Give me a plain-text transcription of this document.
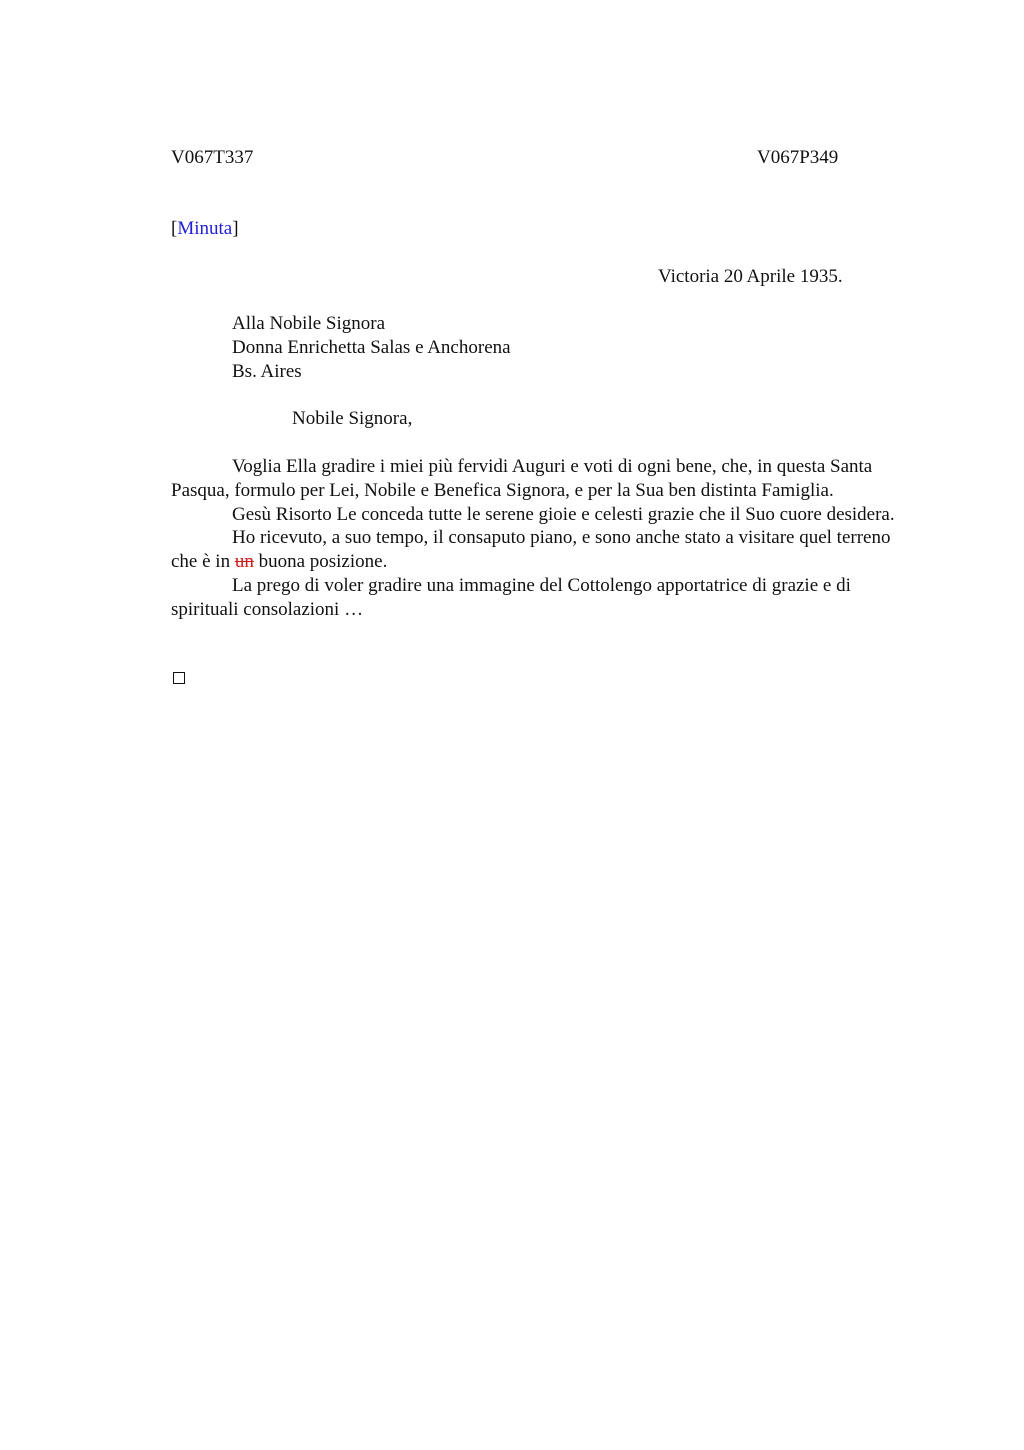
V067T337	V067P349
[Minuta]
Victoria 20 Aprile 1935.
Alla Nobile Signora
Donna Enrichetta Salas e Anchorena
Bs. Aires
Nobile Signora,

Voglia Ella gradire i miei più fervidi Auguri e voti di ogni bene, che, in questa Santa Pasqua, formulo per Lei, Nobile e Benefica Signora, e per la Sua ben distinta Famiglia.

Gesù Risorto Le conceda tutte le serene gioie e celesti grazie che il Suo cuore desidera.

Ho ricevuto, a suo tempo, il consaputo piano, e sono anche stato a visitare quel terreno che è in un buona posizione.

La prego di voler gradire una immagine del Cottolengo apportatrice di grazie e di spirituali consolazioni …
